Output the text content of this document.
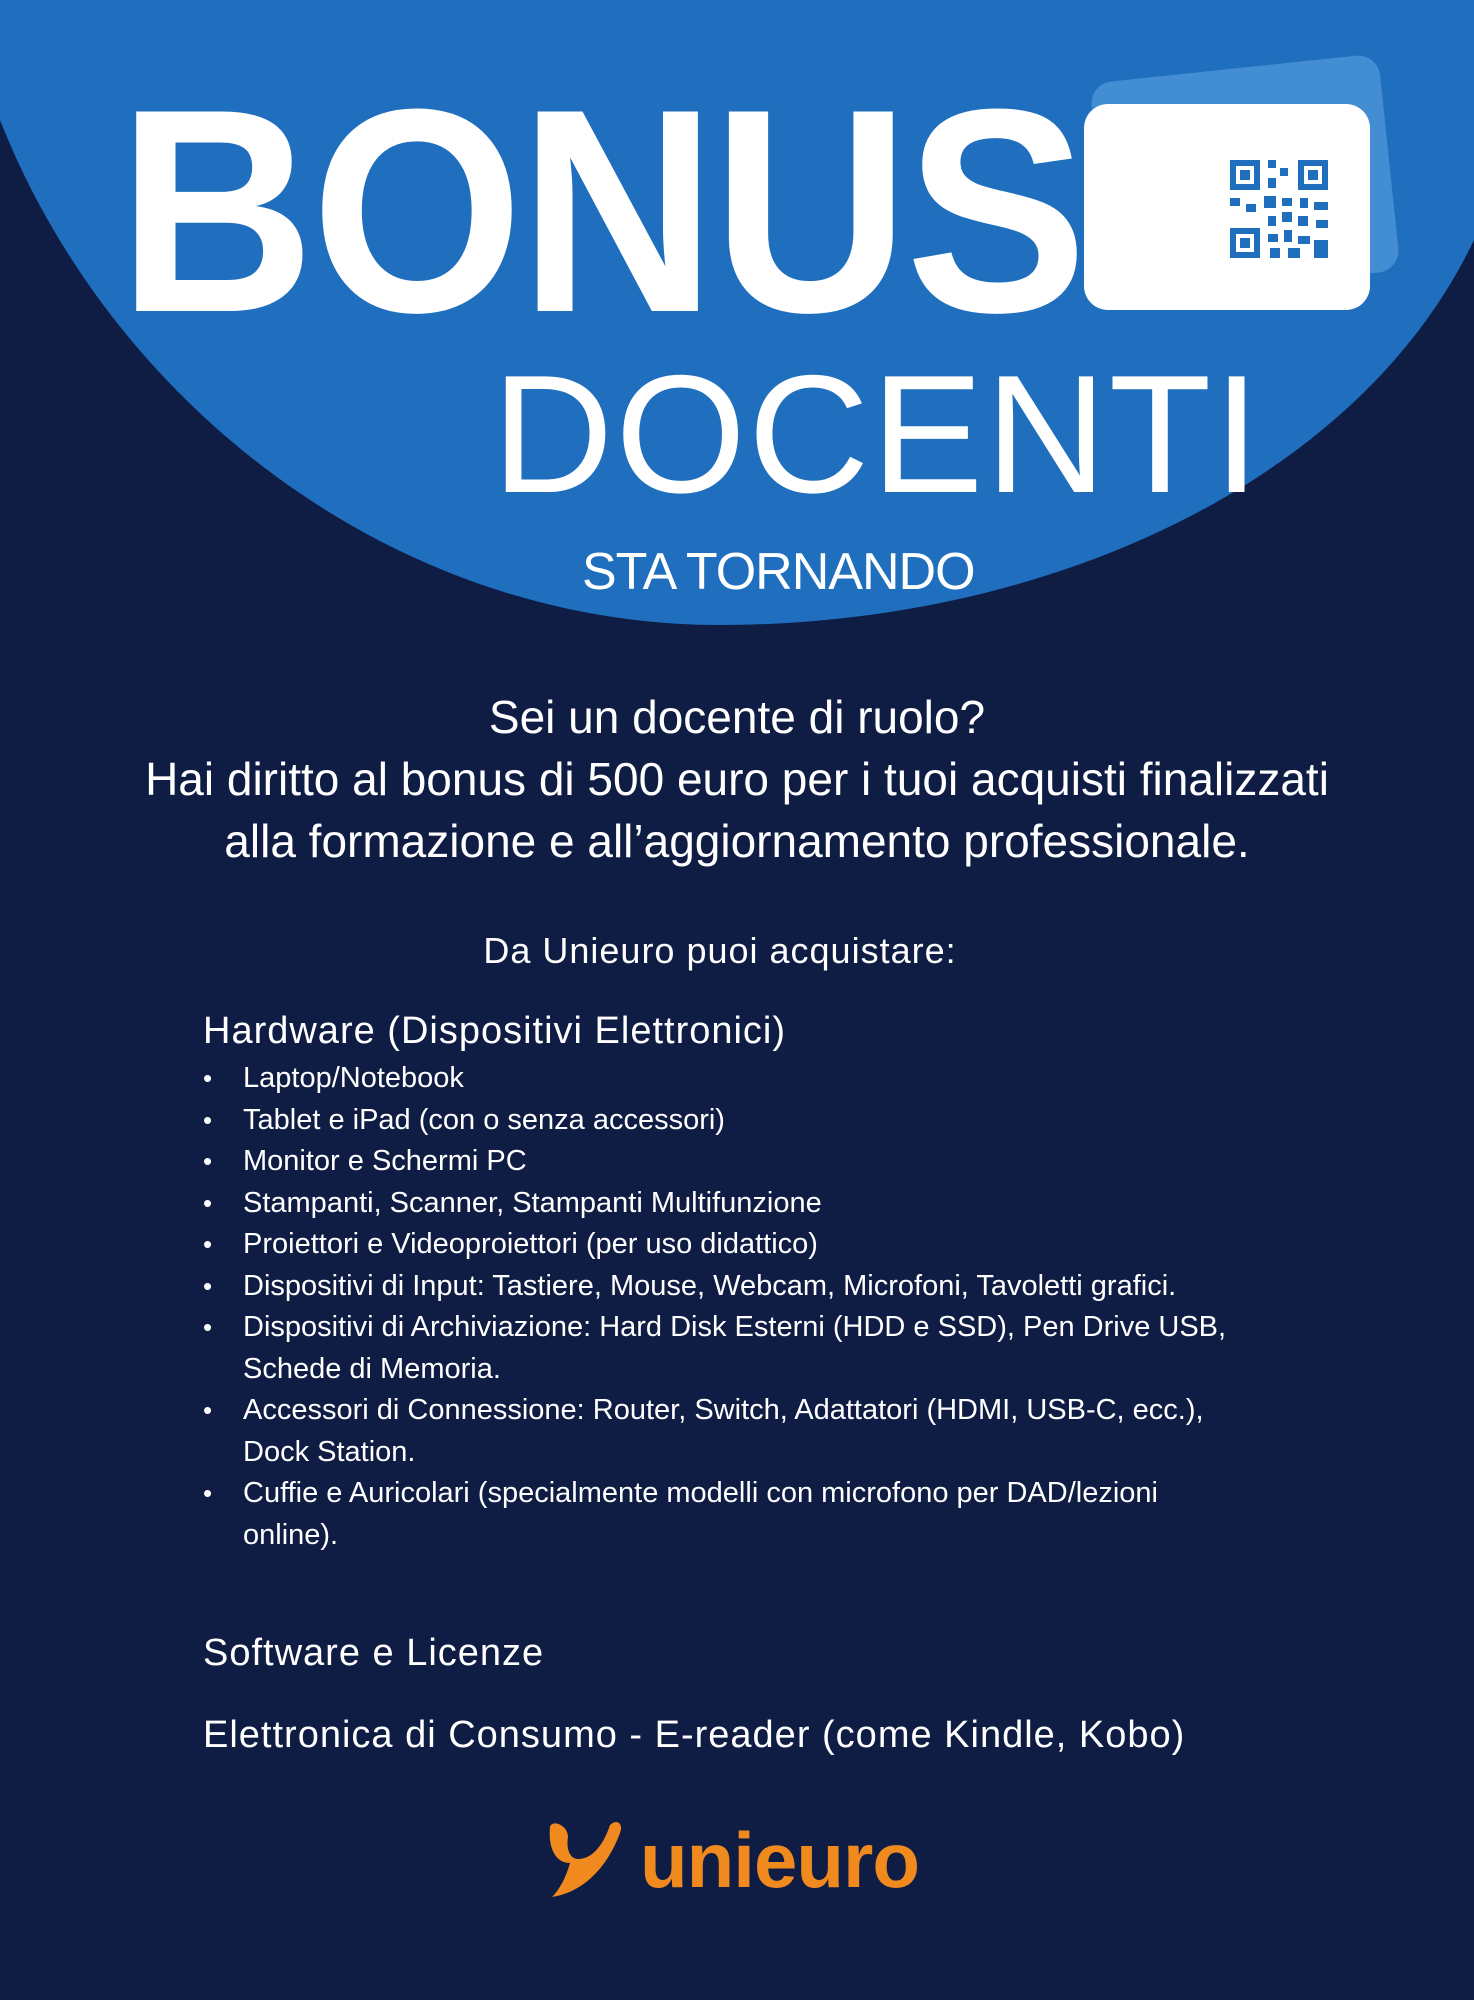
BONUS
DOCENTI
STA TORNANDO
Sei un docente di ruolo?
Hai diritto al bonus di 500 euro per i tuoi acquisti finalizzati
alla formazione e all’aggiornamento professionale.
Da Unieuro puoi acquistare:
Hardware (Dispositivi Elettronici)
• Laptop/Notebook
• Tablet e iPad (con o senza accessori)
• Monitor e Schermi PC
• Stampanti, Scanner, Stampanti Multifunzione
• Proiettori e Videoproiettori (per uso didattico)
• Dispositivi di Input: Tastiere, Mouse, Webcam, Microfoni, Tavoletti grafici.
• Dispositivi di Archiviazione: Hard Disk Esterni (HDD e SSD), Pen Drive USB, Schede di Memoria.
• Accessori di Connessione: Router, Switch, Adattatori (HDMI, USB-C, ecc.), Dock Station.
• Cuffie e Auricolari (specialmente modelli con microfono per DAD/lezioni online).
Software e Licenze
Elettronica di Consumo - E-reader (come Kindle, Kobo)
unieuro
